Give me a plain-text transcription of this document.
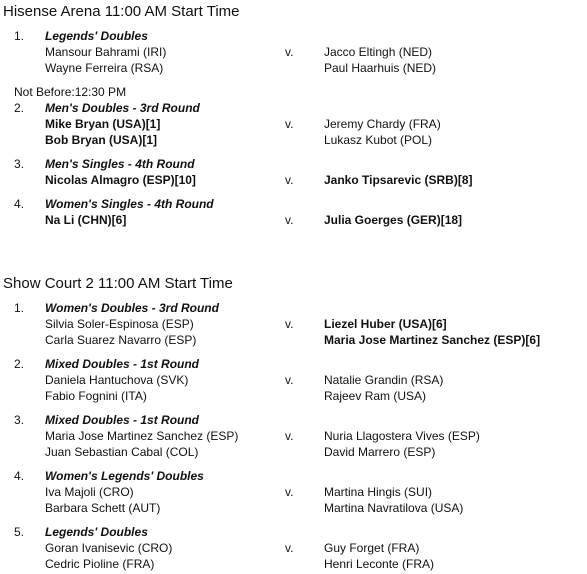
Hisense Arena 11:00 AM Start Time
1. Legends' Doubles
Mansour Bahrami (IRI)	v.	Jacco Eltingh (NED)
Wayne Ferreira (RSA)	Paul Haarhuis (NED)
Not Before:12:30 PM
2. Men's Doubles - 3rd Round
Mike Bryan (USA)[1]	v.	Jeremy Chardy (FRA)
Bob Bryan (USA)[1]	Lukasz Kubot (POL)
3. Men's Singles - 4th Round
Nicolas Almagro (ESP)[10]	v.	Janko Tipsarevic (SRB)[8]
4. Women's Singles - 4th Round
Na Li (CHN)[6]	v.	Julia Goerges (GER)[18]
Show Court 2 11:00 AM Start Time
1. Women's Doubles - 3rd Round
Silvia Soler-Espinosa (ESP)	v.	Liezel Huber (USA)[6]
Carla Suarez Navarro (ESP)	Maria Jose Martinez Sanchez (ESP)[6]
2. Mixed Doubles - 1st Round
Daniela Hantuchova (SVK)	v.	Natalie Grandin (RSA)
Fabio Fognini (ITA)	Rajeev Ram (USA)
3. Mixed Doubles - 1st Round
Maria Jose Martinez Sanchez (ESP)	v.	Nuria Llagostera Vives (ESP)
Juan Sebastian Cabal (COL)	David Marrero (ESP)
4. Women's Legends' Doubles
Iva Majoli (CRO)	v.	Martina Hingis (SUI)
Barbara Schett (AUT)	Martina Navratilova (USA)
5. Legends' Doubles
Goran Ivanisevic (CRO)	v.	Guy Forget (FRA)
Cedric Pioline (FRA)	Henri Leconte (FRA)
